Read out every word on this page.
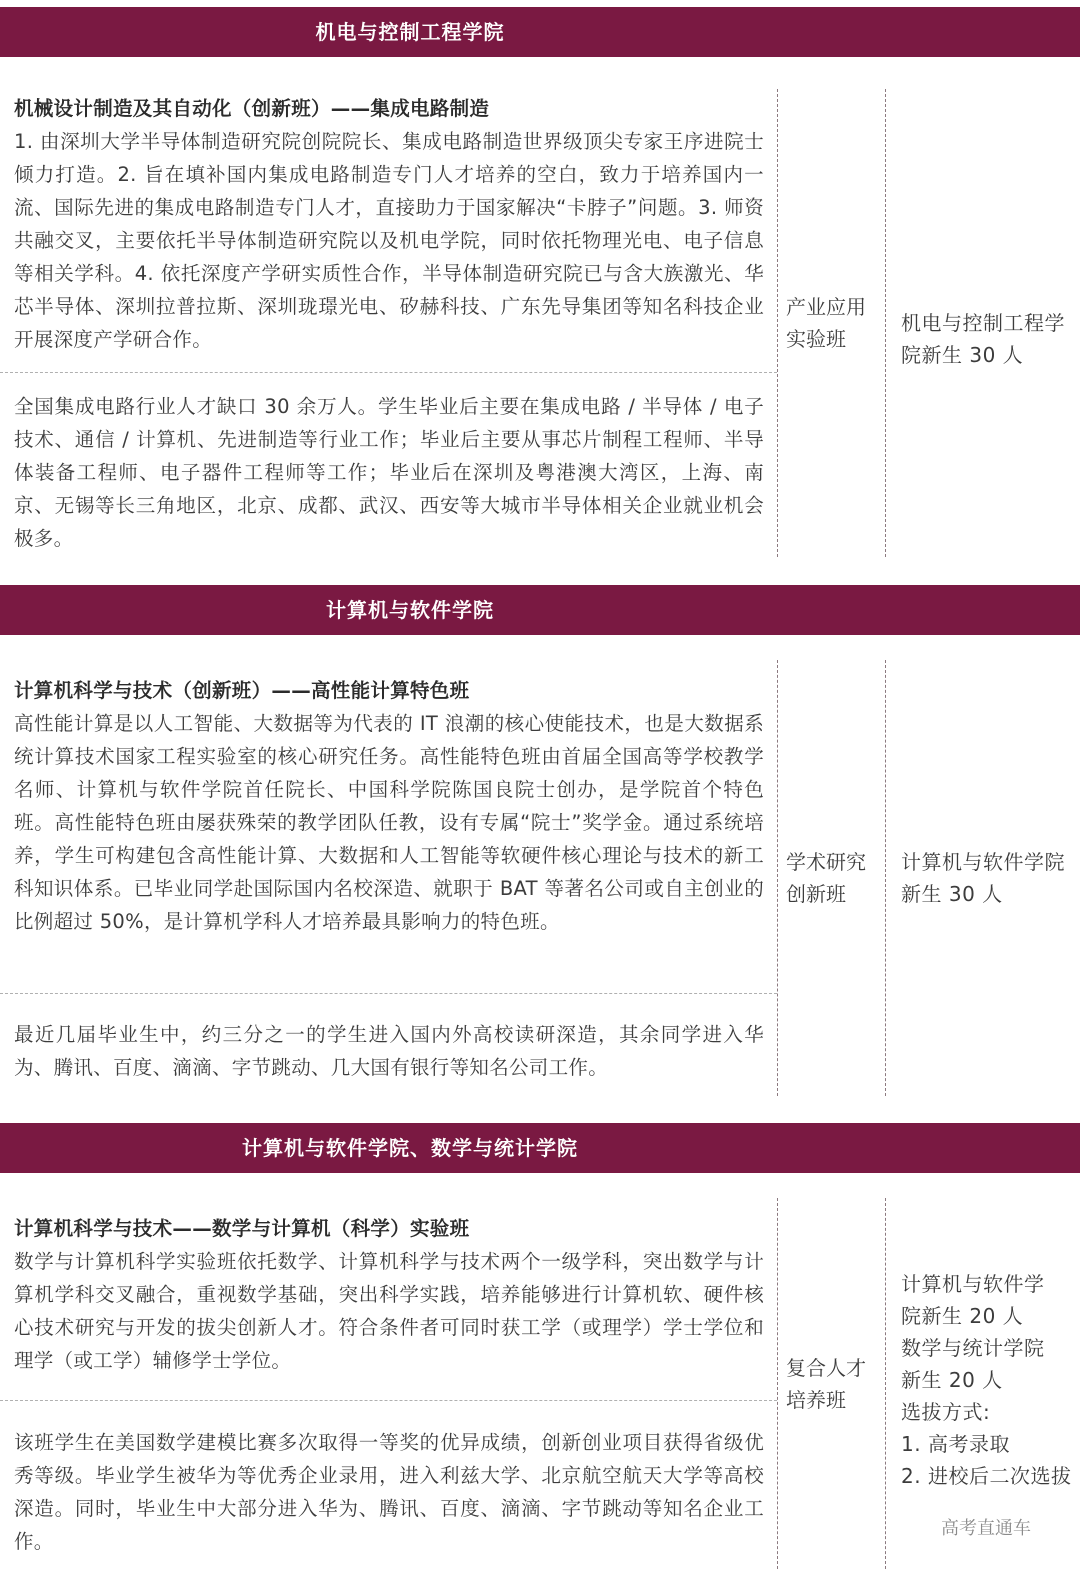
机电与控制工程学院
机械设计制造及其自动化（创新班）——集成电路制造
1. 由深圳大学半导体制造研究院创院院长、集成电路制造世界级顶尖专家王序进院士倾力打造。2. 旨在填补国内集成电路制造专门人才培养的空白，致力于培养国内一流、国际先进的集成电路制造专门人才，直接助力于国家解决“卡脖子”问题。3. 师资共融交叉，主要依托半导体制造研究院以及机电学院，同时依托物理光电、电子信息等相关学科。4. 依托深度产学研实质性合作，半导体制造研究院已与含大族激光、华芯半导体、深圳拉普拉斯、深圳珑璟光电、矽赫科技、广东先导集团等知名科技企业开展深度产学研合作。
全国集成电路行业人才缺口 30 余万人。学生毕业后主要在集成电路 / 半导体 / 电子技术、通信 / 计算机、先进制造等行业工作；毕业后主要从事芯片制程工程师、半导体装备工程师、电子器件工程师等工作；毕业后在深圳及粤港澳大湾区，上海、南京、无锡等长三角地区，北京、成都、武汉、西安等大城市半导体相关企业就业机会极多。
产业应用实验班
机电与控制工程学院新生 30 人
计算机与软件学院
计算机科学与技术（创新班）——高性能计算特色班
高性能计算是以人工智能、大数据等为代表的 IT 浪潮的核心使能技术，也是大数据系统计算技术国家工程实验室的核心研究任务。高性能特色班由首届全国高等学校教学名师、计算机与软件学院首任院长、中国科学院陈国良院士创办，是学院首个特色班。高性能特色班由屡获殊荣的教学团队任教，设有专属“院士”奖学金。通过系统培养，学生可构建包含高性能计算、大数据和人工智能等软硬件核心理论与技术的新工科知识体系。已毕业同学赴国际国内名校深造、就职于 BAT 等著名公司或自主创业的比例超过 50%，是计算机学科人才培养最具影响力的特色班。
最近几届毕业生中，约三分之一的学生进入国内外高校读研深造，其余同学进入华为、腾讯、百度、滴滴、字节跳动、几大国有银行等知名公司工作。
学术研究创新班
计算机与软件学院新生 30 人
计算机与软件学院、数学与统计学院
计算机科学与技术——数学与计算机（科学）实验班
数学与计算机科学实验班依托数学、计算机科学与技术两个一级学科，突出数学与计算机学科交叉融合，重视数学基础，突出科学实践，培养能够进行计算机软、硬件核心技术研究与开发的拔尖创新人才。符合条件者可同时获工学（或理学）学士学位和理学（或工学）辅修学士学位。
该班学生在美国数学建模比赛多次取得一等奖的优异成绩，创新创业项目获得省级优秀等级。毕业学生被华为等优秀企业录用，进入利兹大学、北京航空航天大学等高校深造。同时，毕业生中大部分进入华为、腾讯、百度、滴滴、字节跳动等知名企业工作。
复合人才培养班
计算机与软件学
院新生 20 人
数学与统计学院
新生 20 人
选拔方式:
1. 高考录取
2. 进校后二次选拔
高考直通车
